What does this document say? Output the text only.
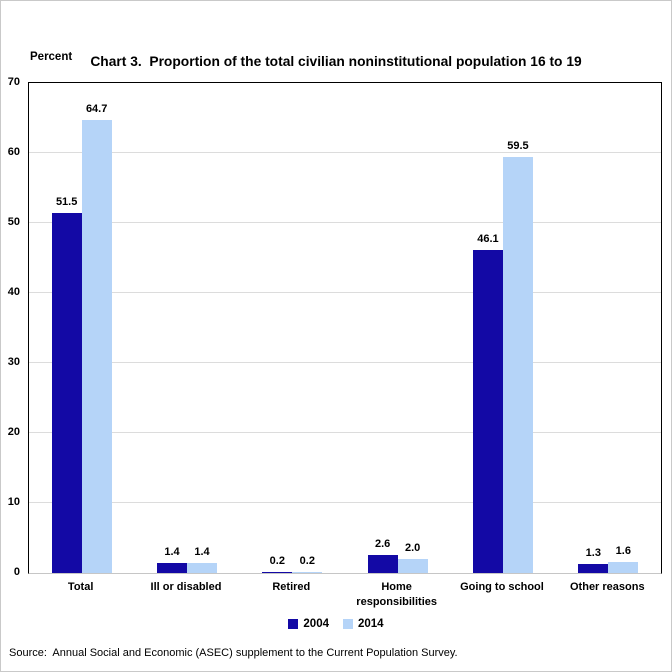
Chart 3.  Proportion of the total civilian noninstitutional population 16 to 19

Percent
0
10
20
30
40
50
60
70
51.5
64.7
1.4 1.4
0.2 0.2
2.6 2.0
46.1
59.5
1.3 1.6
Total	Ill or disabled	Retired	Home responsibilities
Going to school	Other reasons
2004	2014
Source:  Annual Social and Economic (ASEC) supplement to the Current Population Survey.
